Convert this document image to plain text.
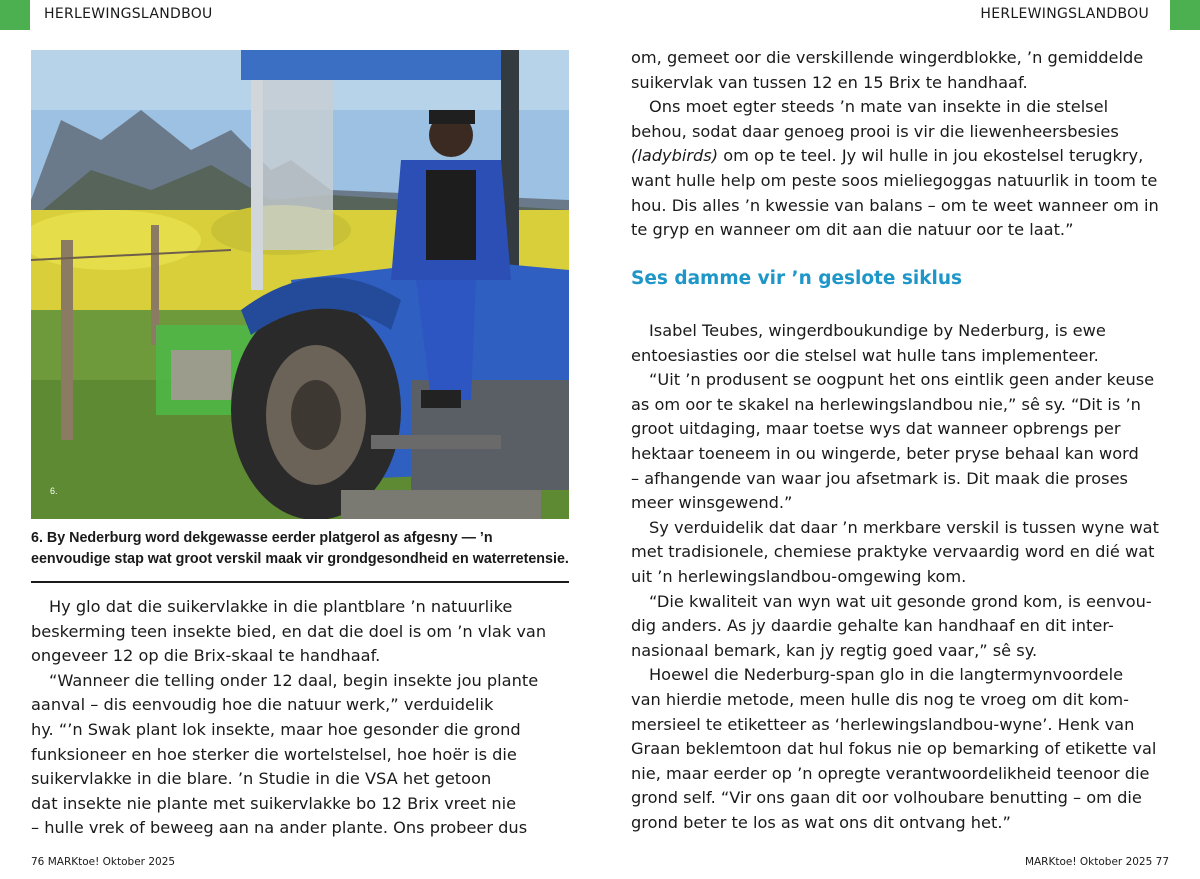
HERLEWINGSLANDBOU	HERLEWINGSLANDBOU
6.
6. By Nederburg word dekgewasse eerder platgerol as afgesny — ’n eenvoudige stap wat groot verskil maak vir grondgesondheid en waterretensie.
Hy glo dat die suikervlakke in die plantblare ’n natuurlike
beskerming teen insekte bied, en dat die doel is om ’n vlak van
ongeveer 12 op die Brix-skaal te handhaaf.
“Wanneer die telling onder 12 daal, begin insekte jou plante
aanval – dis eenvoudig hoe die natuur werk,” verduidelik
hy. “’n Swak plant lok insekte, maar hoe gesonder die grond
funksioneer en hoe sterker die wortelstelsel, hoe hoër is die
suikervlakke in die blare. ’n Studie in die VSA het getoon
dat insekte nie plante met suikervlakke bo 12 Brix vreet nie
– hulle vrek of beweeg aan na ander plante. Ons probeer dus
om, gemeet oor die verskillende wingerdblokke, ’n gemiddelde
suikervlak van tussen 12 en 15 Brix te handhaaf.
Ons moet egter steeds ’n mate van insekte in die stelsel
behou, sodat daar genoeg prooi is vir die liewenheersbesies
(ladybirds) om op te teel. Jy wil hulle in jou ekostelsel terugkry,
want hulle help om peste soos mieliegoggas natuurlik in toom te
hou. Dis alles ’n kwessie van balans – om te weet wanneer om in
te gryp en wanneer om dit aan die natuur oor te laat.”
Ses damme vir ’n geslote siklus
Isabel Teubes, wingerdboukundige by Nederburg, is ewe
entoesiasties oor die stelsel wat hulle tans implementeer.
“Uit ’n produsent se oogpunt het ons eintlik geen ander keuse
as om oor te skakel na herlewingslandbou nie,” sê sy. “Dit is ’n
groot uitdaging, maar toetse wys dat wanneer opbrengs per
hektaar toeneem in ou wingerde, beter pryse behaal kan word
– afhangende van waar jou afsetmark is. Dit maak die proses
meer winsgewend.”
Sy verduidelik dat daar ’n merkbare verskil is tussen wyne wat
met tradisionele, chemiese praktyke vervaardig word en dié wat
uit ’n herlewingslandbou-omgewing kom.
“Die kwaliteit van wyn wat uit gesonde grond kom, is eenvou-
dig anders. As jy daardie gehalte kan handhaaf en dit inter-
nasionaal bemark, kan jy regtig goed vaar,” sê sy.
Hoewel die Nederburg-span glo in die langtermynvoordele
van hierdie metode, meen hulle dis nog te vroeg om dit kom-
mersieel te etiketteer as ‘herlewingslandbou-wyne’. Henk van
Graan beklemtoon dat hul fokus nie op bemarking of etikette val
nie, maar eerder op ’n opregte verantwoordelikheid teenoor die
grond self. “Vir ons gaan dit oor volhoubare benutting – om die
grond beter te los as wat ons dit ontvang het.”
76 MARKtoe! Oktober 2025	MARKtoe! Oktober 2025 77
